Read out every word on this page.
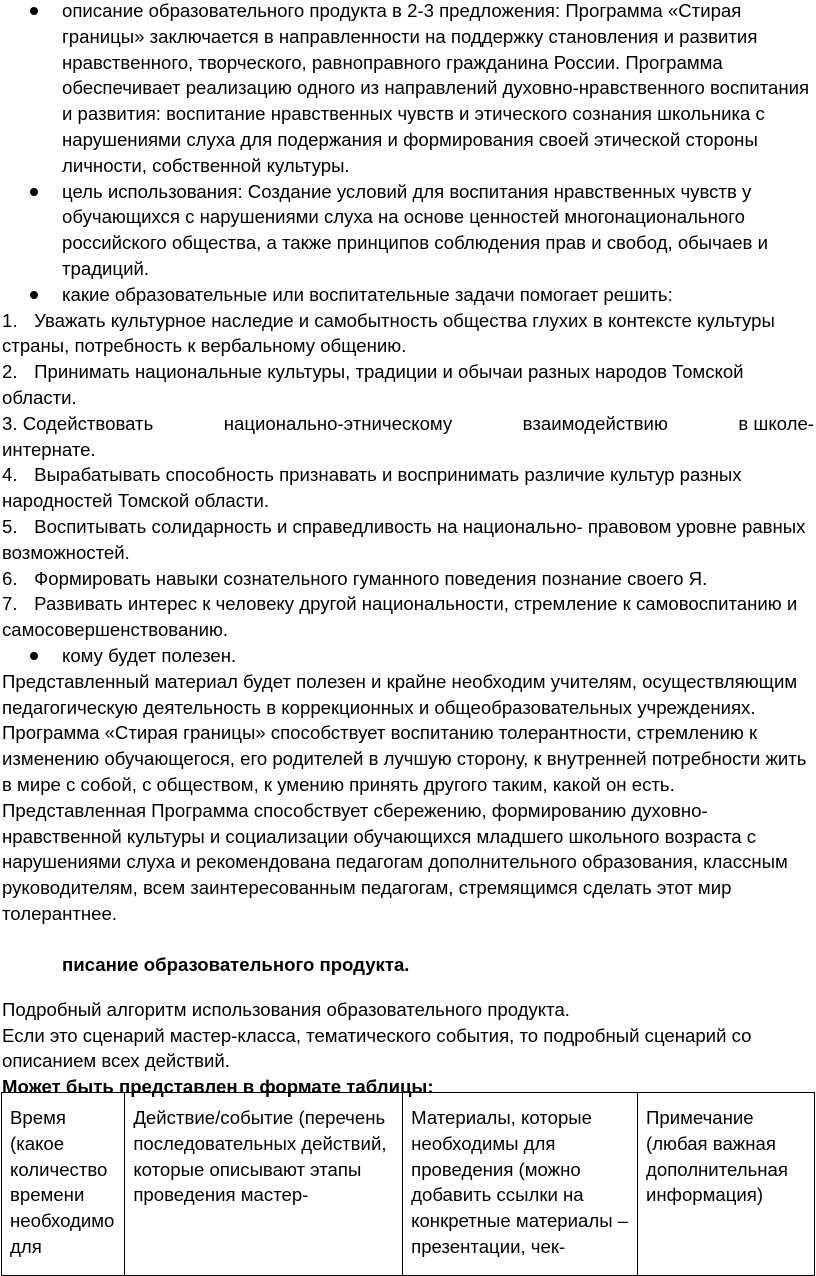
описание образовательного продукта в 2-3 предложения: Программа «Стирая границы» заключается в направленности на поддержку становления и развития нравственного, творческого, равноправного гражданина России. Программа обеспечивает реализацию одного из направлений духовно-нравственного воспитания и развития: воспитание нравственных чувств и этического сознания школьника с нарушениями слуха для подержания и формирования своей этической стороны личности, собственной культуры.

цель использования: Создание условий для воспитания нравственных чувств у обучающихся с нарушениями слуха на основе ценностей многонационального российского общества, а также принципов соблюдения прав и свобод, обычаев и традиций.

какие образовательные или воспитательные задачи помогает решить:

1. Уважать культурное наследие и самобытность общества глухих в контексте культуры страны, потребность к вербальному общению.

2. Принимать национальные культуры, традиции и обычаи разных народов Томской области.

3. Содействовать	национально-этническому	взаимодействию	в школе-

интернате.

4. Вырабатывать способность признавать и воспринимать различие культур разных народностей Томской области.

5. Воспитывать солидарность и справедливость на национально- правовом уровне равных возможностей.

6. Формировать навыки сознательного гуманного поведения познание своего Я.

7. Развивать интерес к человеку другой национальности, стремление к самовоспитанию и самосовершенствованию.

кому будет полезен.

Представленный материал будет полезен и крайне необходим учителям, осуществляющим педагогическую деятельность в коррекционных и общеобразовательных учреждениях. Программа «Стирая границы» способствует воспитанию толерантности, стремлению к изменению обучающегося, его родителей в лучшую сторону, к внутренней потребности жить в мире с собой, с обществом, к умению принять другого таким, какой он есть. Представленная Программа способствует сбережению, формированию духовно-нравственной культуры и социализации обучающихся младшего школьного возраста с нарушениями слуха и рекомендована педагогам дополнительного образования, классным руководителям, всем заинтересованным педагогам, стремящимся сделать этот мир толерантнее.

писание образовательного продукта.

Подробный алгоритм использования образовательного продукта.

Если это сценарий мастер-класса, тематического события, то подробный сценарий со описанием всех действий.

Может быть представлен в формате таблицы:

Время (какое количество времени необходимо для	Действие/событие (перечень последовательных действий, которые описывают этапы проведения мастер-	Материалы, которые необходимы для проведения (можно добавить ссылки на конкретные материалы – презентации, чек-	Примечание (любая важная дополнительная информация)
